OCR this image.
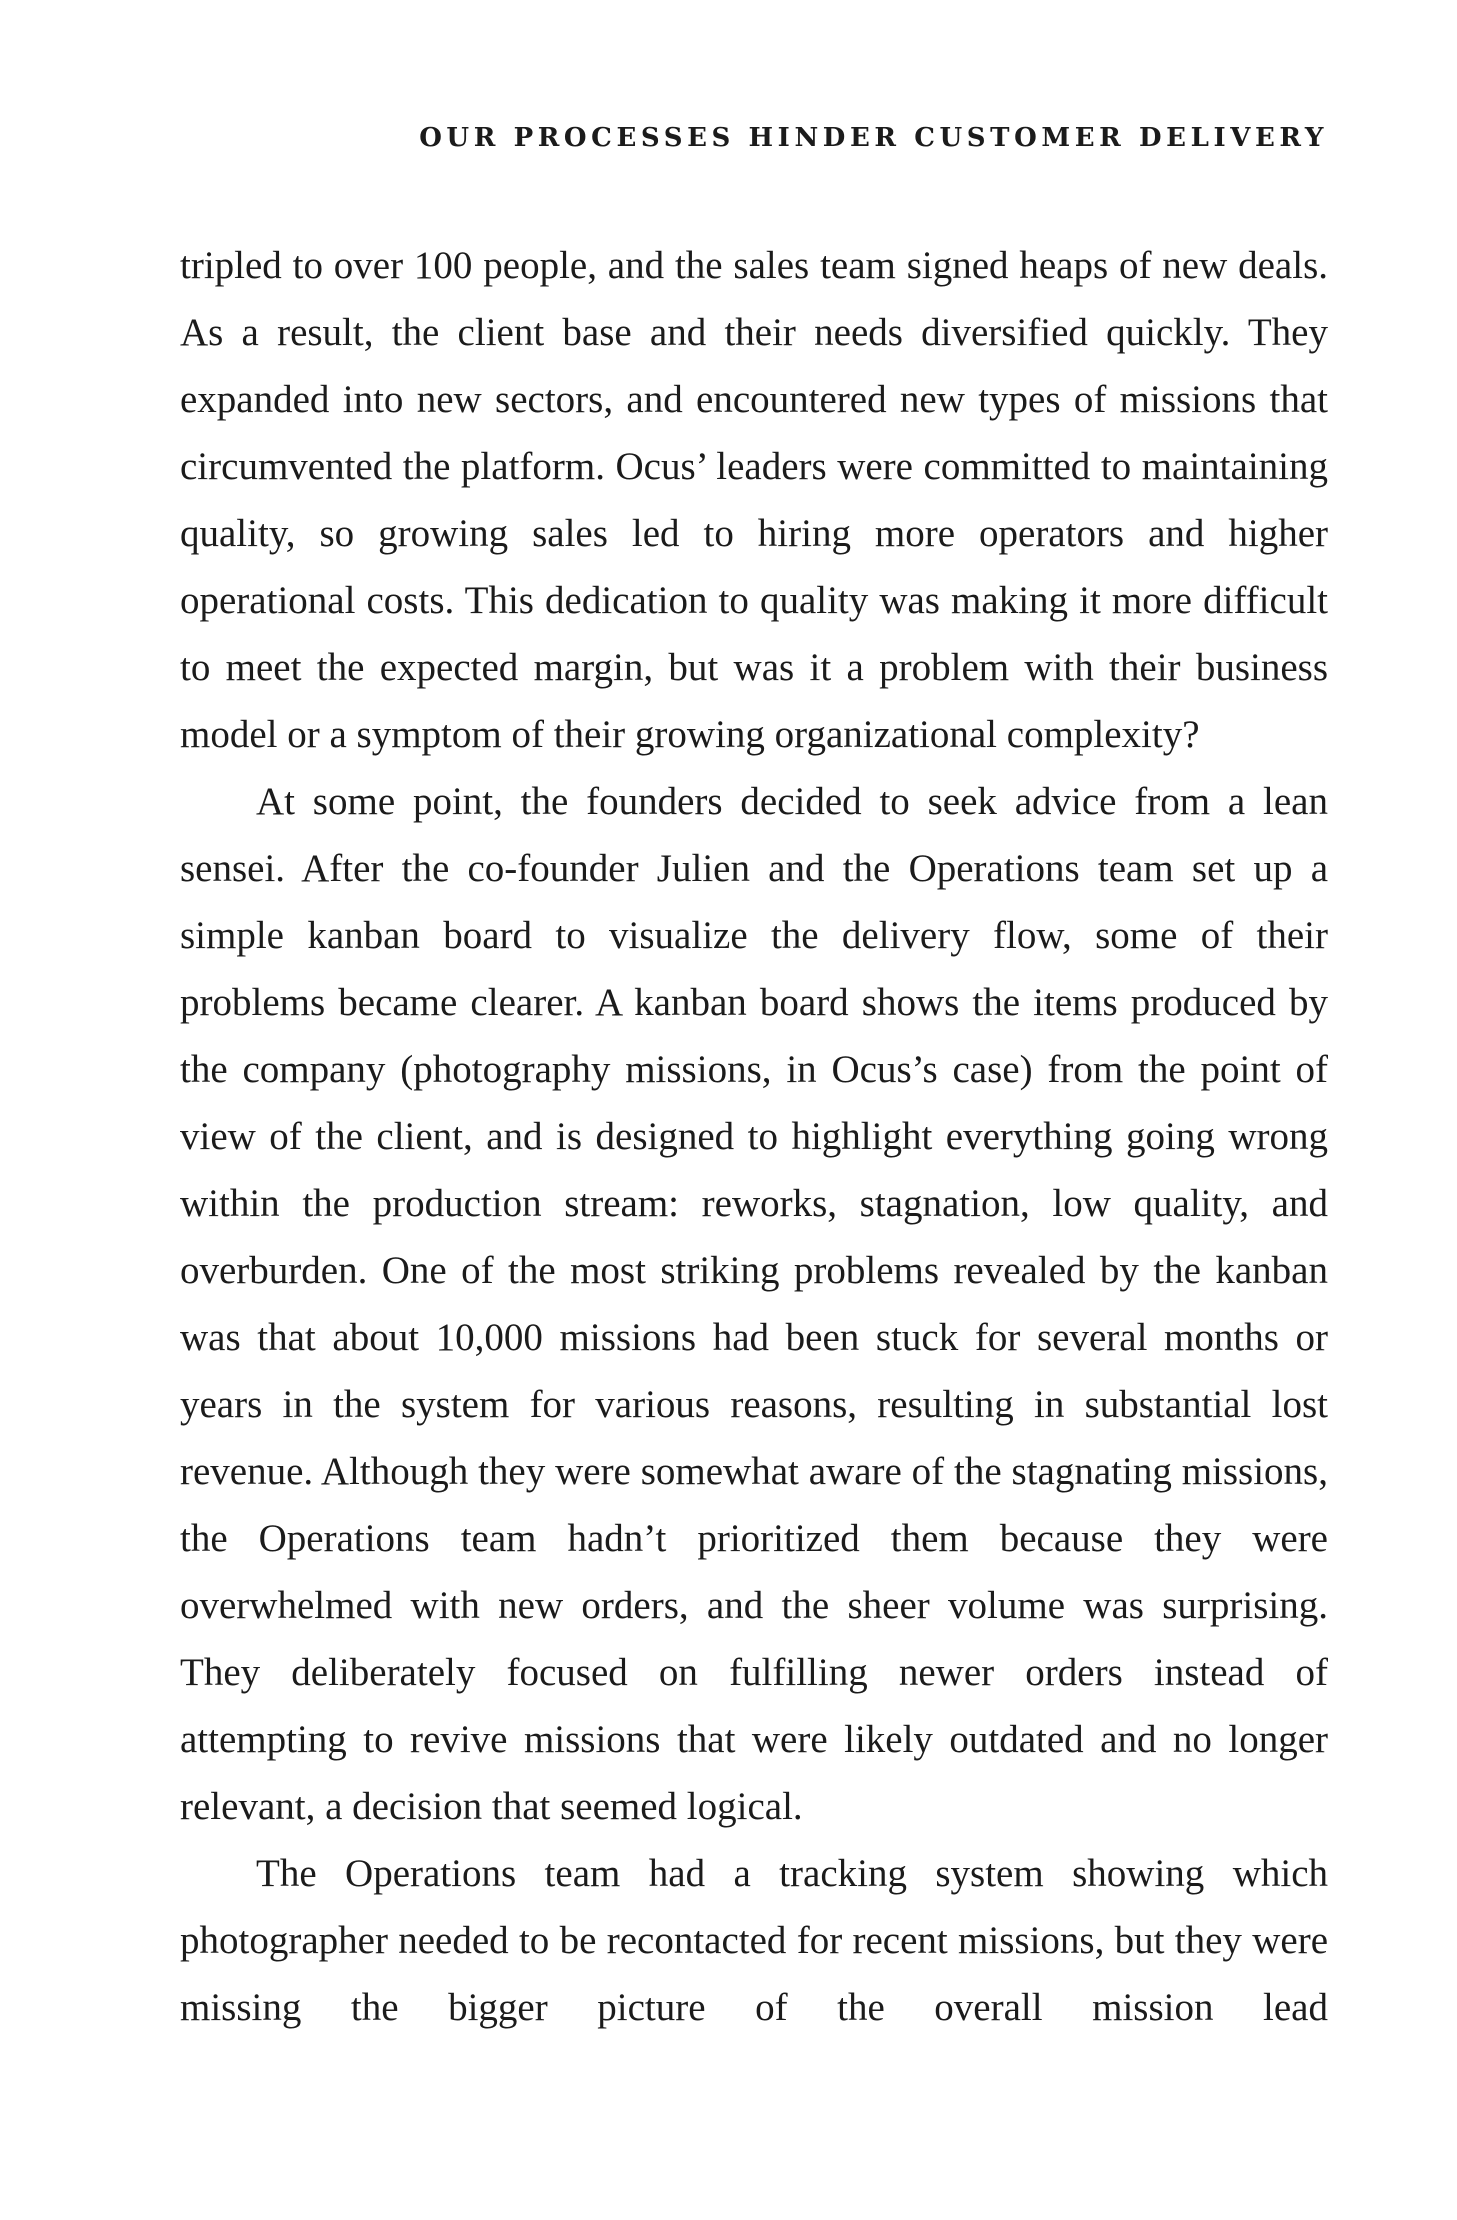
OUR PROCESSES HINDER CUSTOMER DELIVERY

tripled to over 100 people, and the sales team signed heaps of new deals. As a result, the client base and their needs diversified quickly. They expanded into new sectors, and encountered new types of missions that circumvented the platform. Ocus’ leaders were committed to maintaining quality, so growing sales led to hiring more operators and higher operational costs. This dedication to quality was making it more difficult to meet the expected margin, but was it a problem with their business model or a symptom of their growing organizational complexity?

At some point, the founders decided to seek advice from a lean sensei. After the co-founder Julien and the Operations team set up a simple kanban board to visualize the delivery flow, some of their problems became clearer. A kanban board shows the items produced by the company (photography missions, in Ocus’s case) from the point of view of the client, and is designed to highlight everything going wrong within the production stream: reworks, stagnation, low quality, and overburden. One of the most striking problems revealed by the kanban was that about 10,000 missions had been stuck for several months or years in the system for various reasons, resulting in substantial lost revenue. Although they were somewhat aware of the stagnating missions, the Operations team hadn’t prioritized them because they were overwhelmed with new orders, and the sheer volume was surprising. They deliberately focused on fulfilling newer orders instead of attempting to revive missions that were likely outdated and no longer relevant, a decision that seemed logical.

The Operations team had a tracking system showing which photographer needed to be recontacted for recent missions, but they were missing the bigger picture of the overall mission lead
